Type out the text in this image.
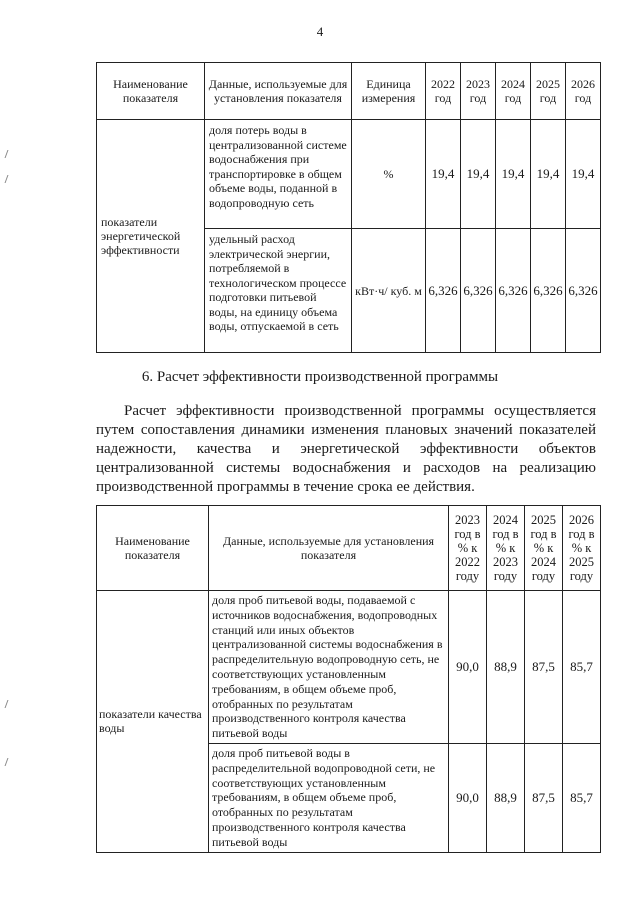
4
Наименование показателя	Данные, используемые для установления показателя	Единица измерения	2022 год	2023 год	2024 год	2025 год	2026 год
показатели энергетической эффективности	доля потерь воды в централизованной системе водоснабжения при транспортировке в общем объеме воды, поданной в водопроводную сеть	%	19,4	19,4	19,4	19,4	19,4
	удельный расход электрической энергии, потребляемой в технологическом процессе подготовки питьевой воды, на единицу объема воды, отпускаемой в сеть	кВт·ч/ куб. м	6,326	6,326	6,326	6,326	6,326
6. Расчет эффективности производственной программы

Расчет эффективности производственной программы осуществляется путем сопоставления динамики изменения плановых значений показателей надежности, качества и энергетической эффективности объектов централизованной системы водоснабжения и расходов на реализацию производственной программы в течение срока ее действия.

Наименование показателя	Данные, используемые для установления показателя	2023 год в % к 2022 году	2024 год в % к 2023 году	2025 год в % к 2024 году	2026 год в % к 2025 году
показатели качества воды	доля проб питьевой воды, подаваемой с источников водоснабжения, водопроводных станций или иных объектов централизованной системы водоснабжения в распределительную водопроводную сеть, не соответствующих установленным требованиям, в общем объеме проб, отобранных по результатам производственного контроля качества питьевой воды	90,0	88,9	87,5	85,7
	доля проб питьевой воды в распределительной водопроводной сети, не соответствующих установленным требованиям, в общем объеме проб, отобранных по результатам производственного контроля качества питьевой воды	90,0	88,9	87,5	85,7
